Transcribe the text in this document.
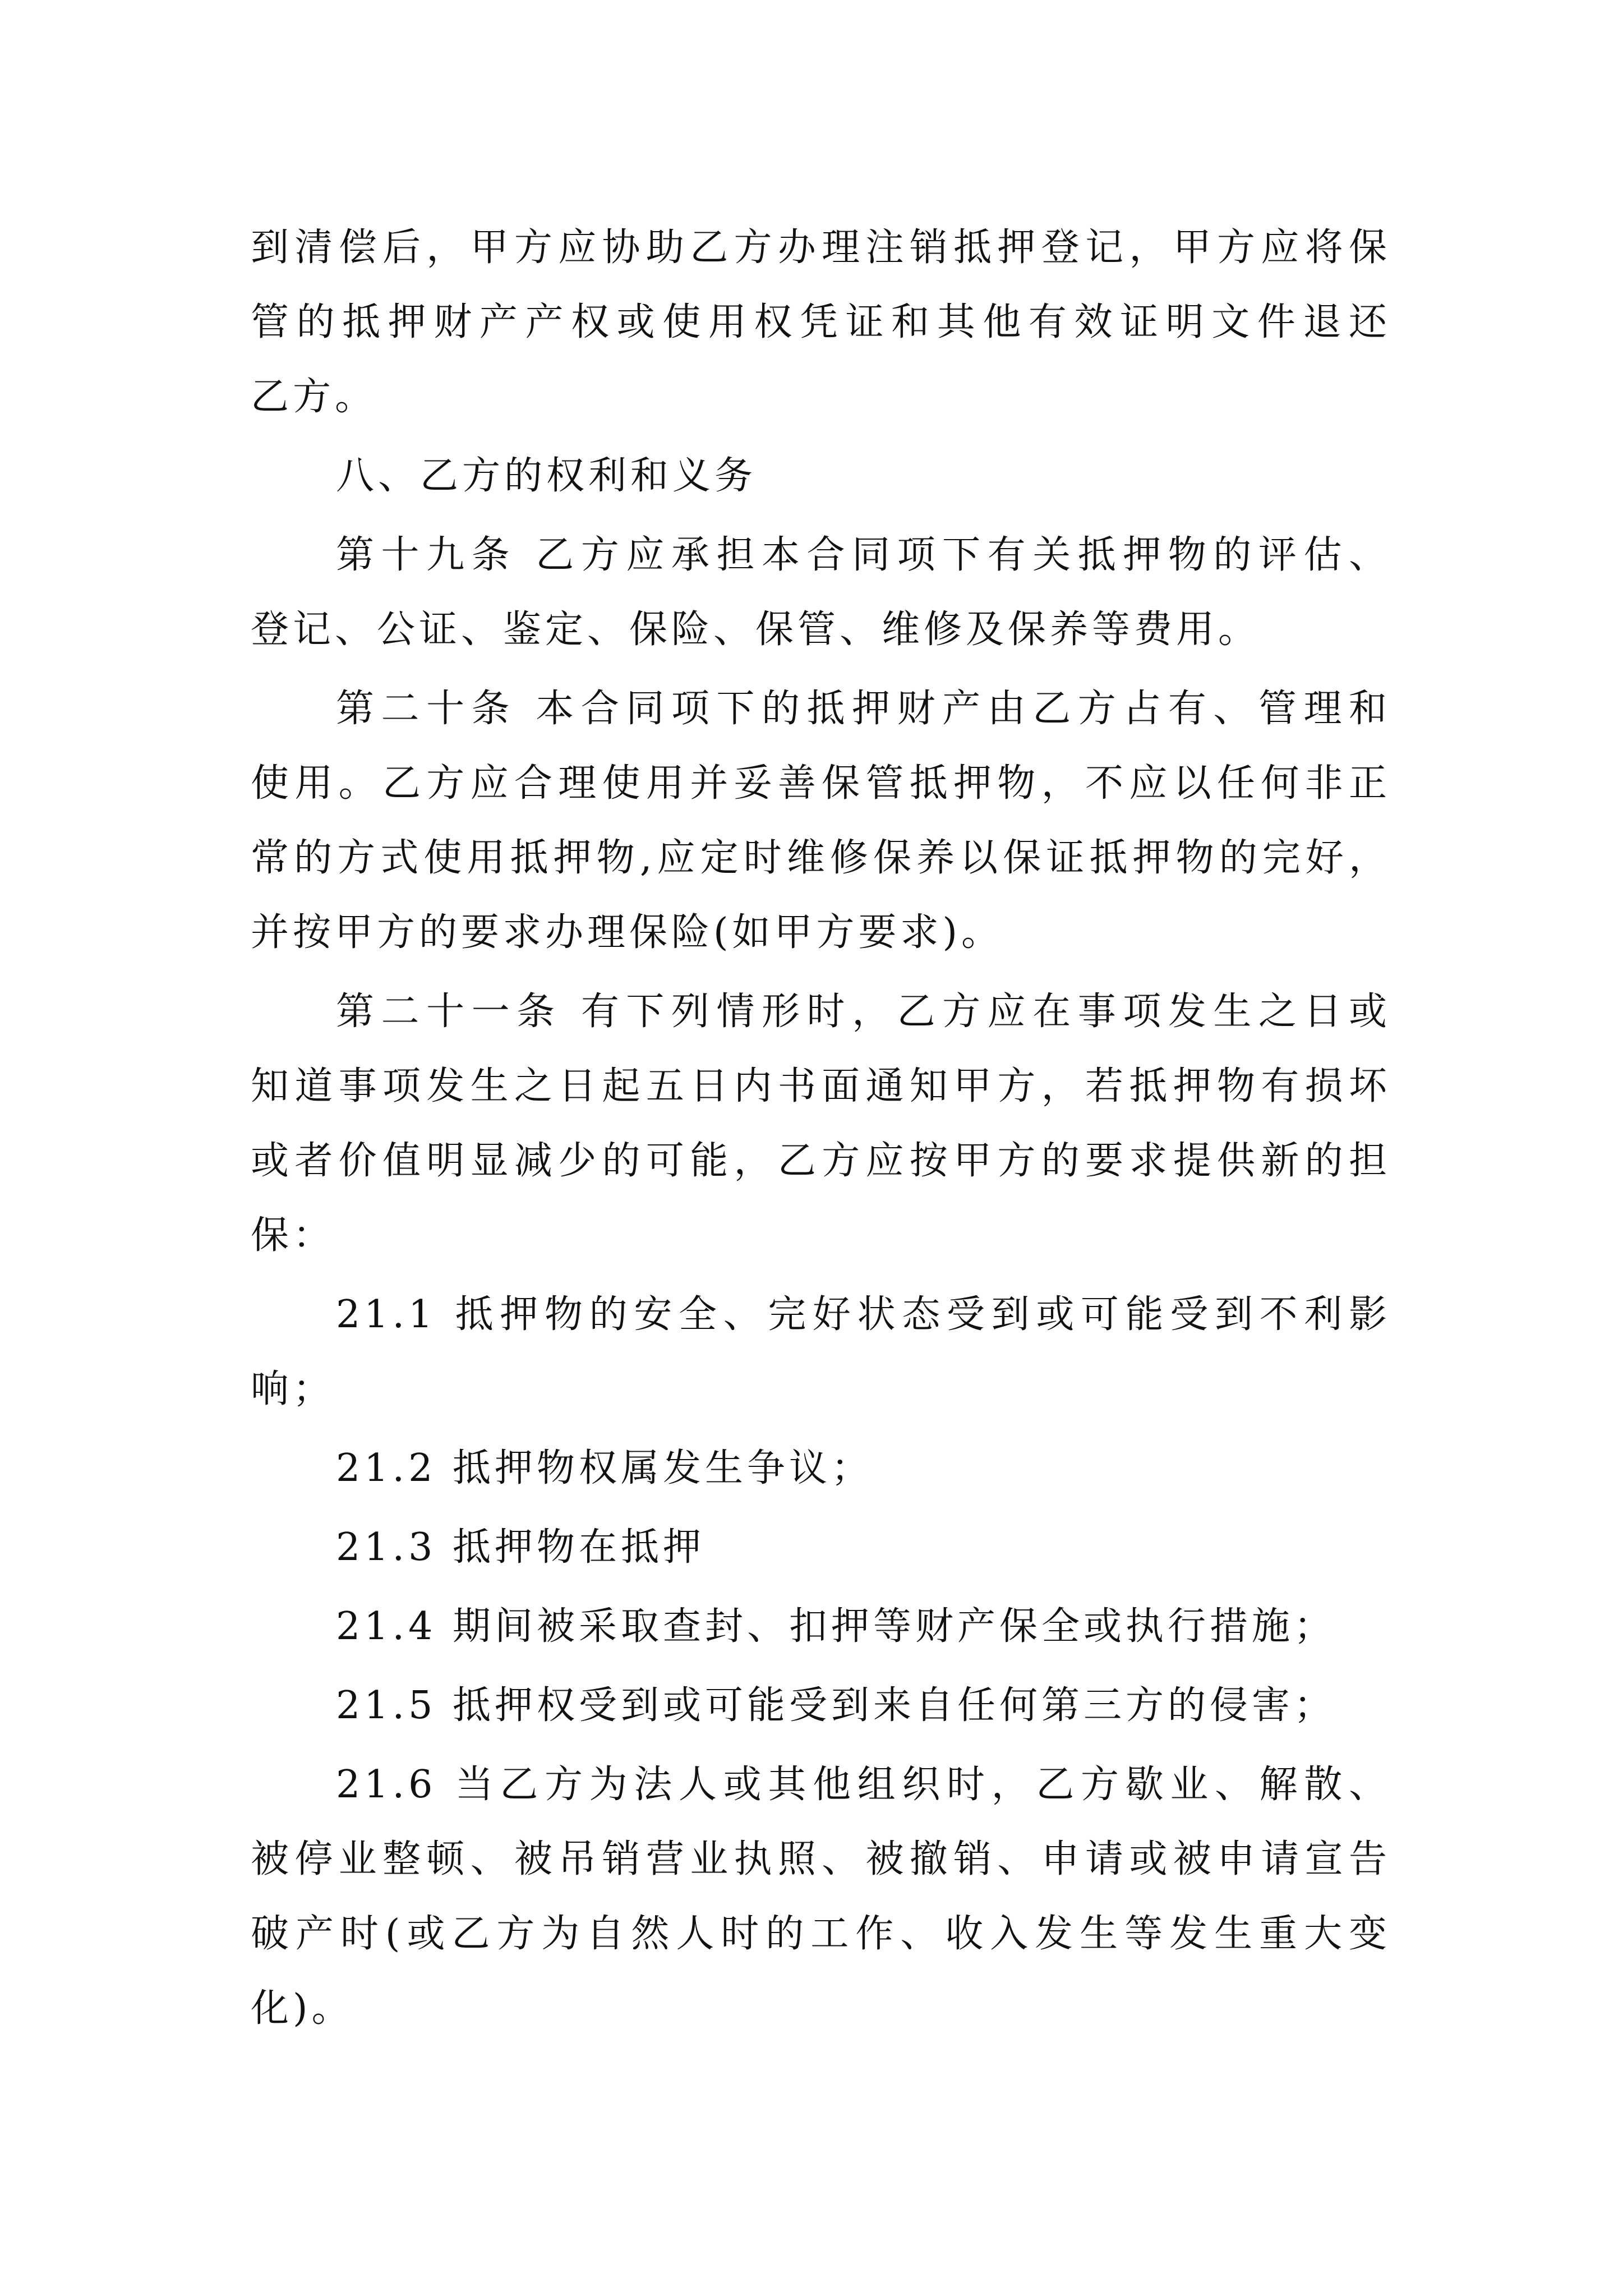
到清偿后，甲方应协助乙方办理注销抵押登记，甲方应将保
管的抵押财产产权或使用权凭证和其他有效证明文件退还
乙方。
八、乙方的权利和义务
第十九条 乙方应承担本合同项下有关抵押物的评估、
登记、公证、鉴定、保险、保管、维修及保养等费用。
第二十条 本合同项下的抵押财产由乙方占有、管理和
使用。乙方应合理使用并妥善保管抵押物，不应以任何非正
常的方式使用抵押物,应定时维修保养以保证抵押物的完好，
并按甲方的要求办理保险(如甲方要求)。
第二十一条 有下列情形时，乙方应在事项发生之日或
知道事项发生之日起五日内书面通知甲方，若抵押物有损坏
或者价值明显减少的可能，乙方应按甲方的要求提供新的担
保：
21.1 抵押物的安全、完好状态受到或可能受到不利影
响；
21.2 抵押物权属发生争议；
21.3 抵押物在抵押
21.4 期间被采取查封、扣押等财产保全或执行措施；
21.5 抵押权受到或可能受到来自任何第三方的侵害；
21.6 当乙方为法人或其他组织时，乙方歇业、解散、
被停业整顿、被吊销营业执照、被撤销、申请或被申请宣告
破产时(或乙方为自然人时的工作、收入发生等发生重大变
化)。
